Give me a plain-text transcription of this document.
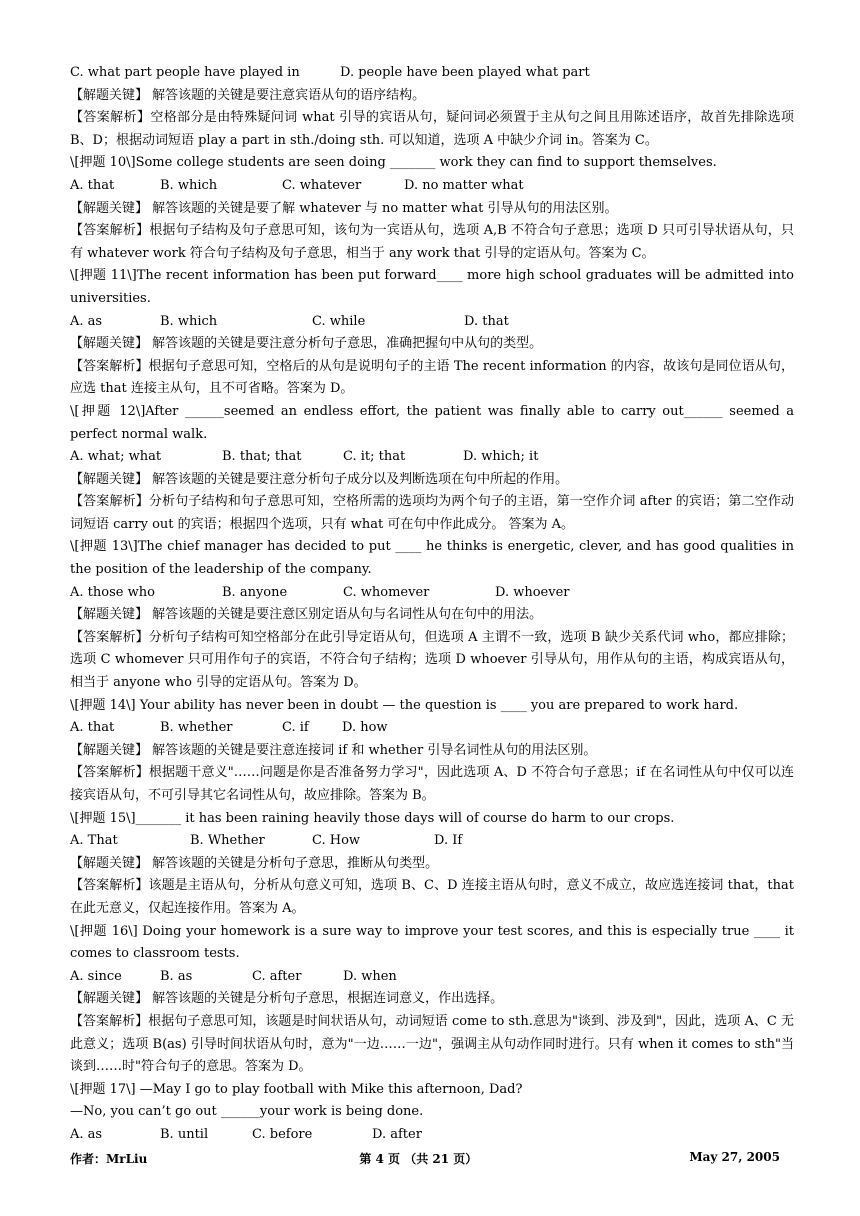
C. what part people have played in	D. people have been played what part
【解题关键】 解答该题的关键是要注意宾语从句的语序结构。
【答案解析】空格部分是由特殊疑问词 what 引导的宾语从句，疑问词必须置于主从句之间且用陈述语序，故首先排除选项 B、D；根据动词短语 play a part in sth./doing sth. 可以知道，选项 A 中缺少介词 in。答案为 C。
\[押题 10\]Some college students are seen doing _______ work they can find to support themselves.
A. that	B. which	C. whatever	D. no matter what
【解题关键】 解答该题的关键是要了解 whatever 与 no matter what 引导从句的用法区别。
【答案解析】根据句子结构及句子意思可知，该句为一宾语从句，选项 A,B 不符合句子意思；选项 D 只可引导状语从句，只有 whatever work 符合句子结构及句子意思，相当于 any work that 引导的定语从句。答案为 C。
\[押题 11\]The recent information has been put forward____ more high school graduates will be admitted into universities.
A. as	B. which	C. while	D. that
【解题关键】 解答该题的关键是要注意分析句子意思，准确把握句中从句的类型。
【答案解析】根据句子意思可知，空格后的从句是说明句子的主语 The recent information 的内容，故该句是同位语从句，应选 that 连接主从句，且不可省略。答案为 D。
\[押题 12\]After ______seemed an endless effort, the patient was finally able to carry out______ seemed a perfect normal walk.
A. what; what	B. that; that	C. it; that	D. which; it
【解题关键】 解答该题的关键是要注意分析句子成分以及判断选项在句中所起的作用。
【答案解析】分析句子结构和句子意思可知，空格所需的选项均为两个句子的主语，第一空作介词 after 的宾语；第二空作动词短语 carry out 的宾语；根据四个选项，只有 what 可在句中作此成分。 答案为 A。
\[押题 13\]The chief manager has decided to put ____ he thinks is energetic, clever, and has good qualities in the position of the leadership of the company.
A. those who	B. anyone	C. whomever	D. whoever
【解题关键】 解答该题的关键是要注意区别定语从句与名词性从句在句中的用法。
【答案解析】分析句子结构可知空格部分在此引导定语从句，但选项 A 主谓不一致，选项 B 缺少关系代词 who，都应排除；选项 C whomever 只可用作句子的宾语，不符合句子结构；选项 D whoever 引导从句，用作从句的主语，构成宾语从句，相当于 anyone who 引导的定语从句。答案为 D。
\[押题 14\] Your ability has never been in doubt — the question is ____ you are prepared to work hard.
A. that	B. whether	C. if	D. how
【解题关键】 解答该题的关键是要注意连接词 if 和 whether 引导名词性从句的用法区别。
【答案解析】根据题干意义"……问题是你是否准备努力学习"，因此选项 A、D 不符合句子意思；if 在名词性从句中仅可以连接宾语从句，不可引导其它名词性从句，故应排除。答案为 B。
\[押题 15\]_______ it has been raining heavily those days will of course do harm to our crops.
A. That	B. Whether	C. How	D. If
【解题关键】 解答该题的关键是分析句子意思，推断从句类型。
【答案解析】该题是主语从句，分析从句意义可知，选项 B、C、D 连接主语从句时，意义不成立，故应选连接词 that，that 在此无意义，仅起连接作用。答案为 A。
\[押题 16\] Doing your homework is a sure way to improve your test scores, and this is especially true ____ it comes to classroom tests.
A. since	B. as	C. after	D. when
【解题关键】 解答该题的关键是分析句子意思，根据连词意义，作出选择。
【答案解析】根据句子意思可知，该题是时间状语从句，动词短语 come to sth.意思为"谈到、涉及到"，因此，选项 A、C 无此意义；选项 B(as) 引导时间状语从句时，意为"一边……一边"，强调主从句动作同时进行。只有 when it comes to sth"当谈到……时"符合句子的意思。答案为 D。
\[押题 17\] —May I go to play football with Mike this afternoon, Dad?
—No, you can’t go out ______your work is being done.
A. as	B. until	C. before	D. after
作者：MrLiu	第 4 页 （共 21 页）	May 27, 2005
